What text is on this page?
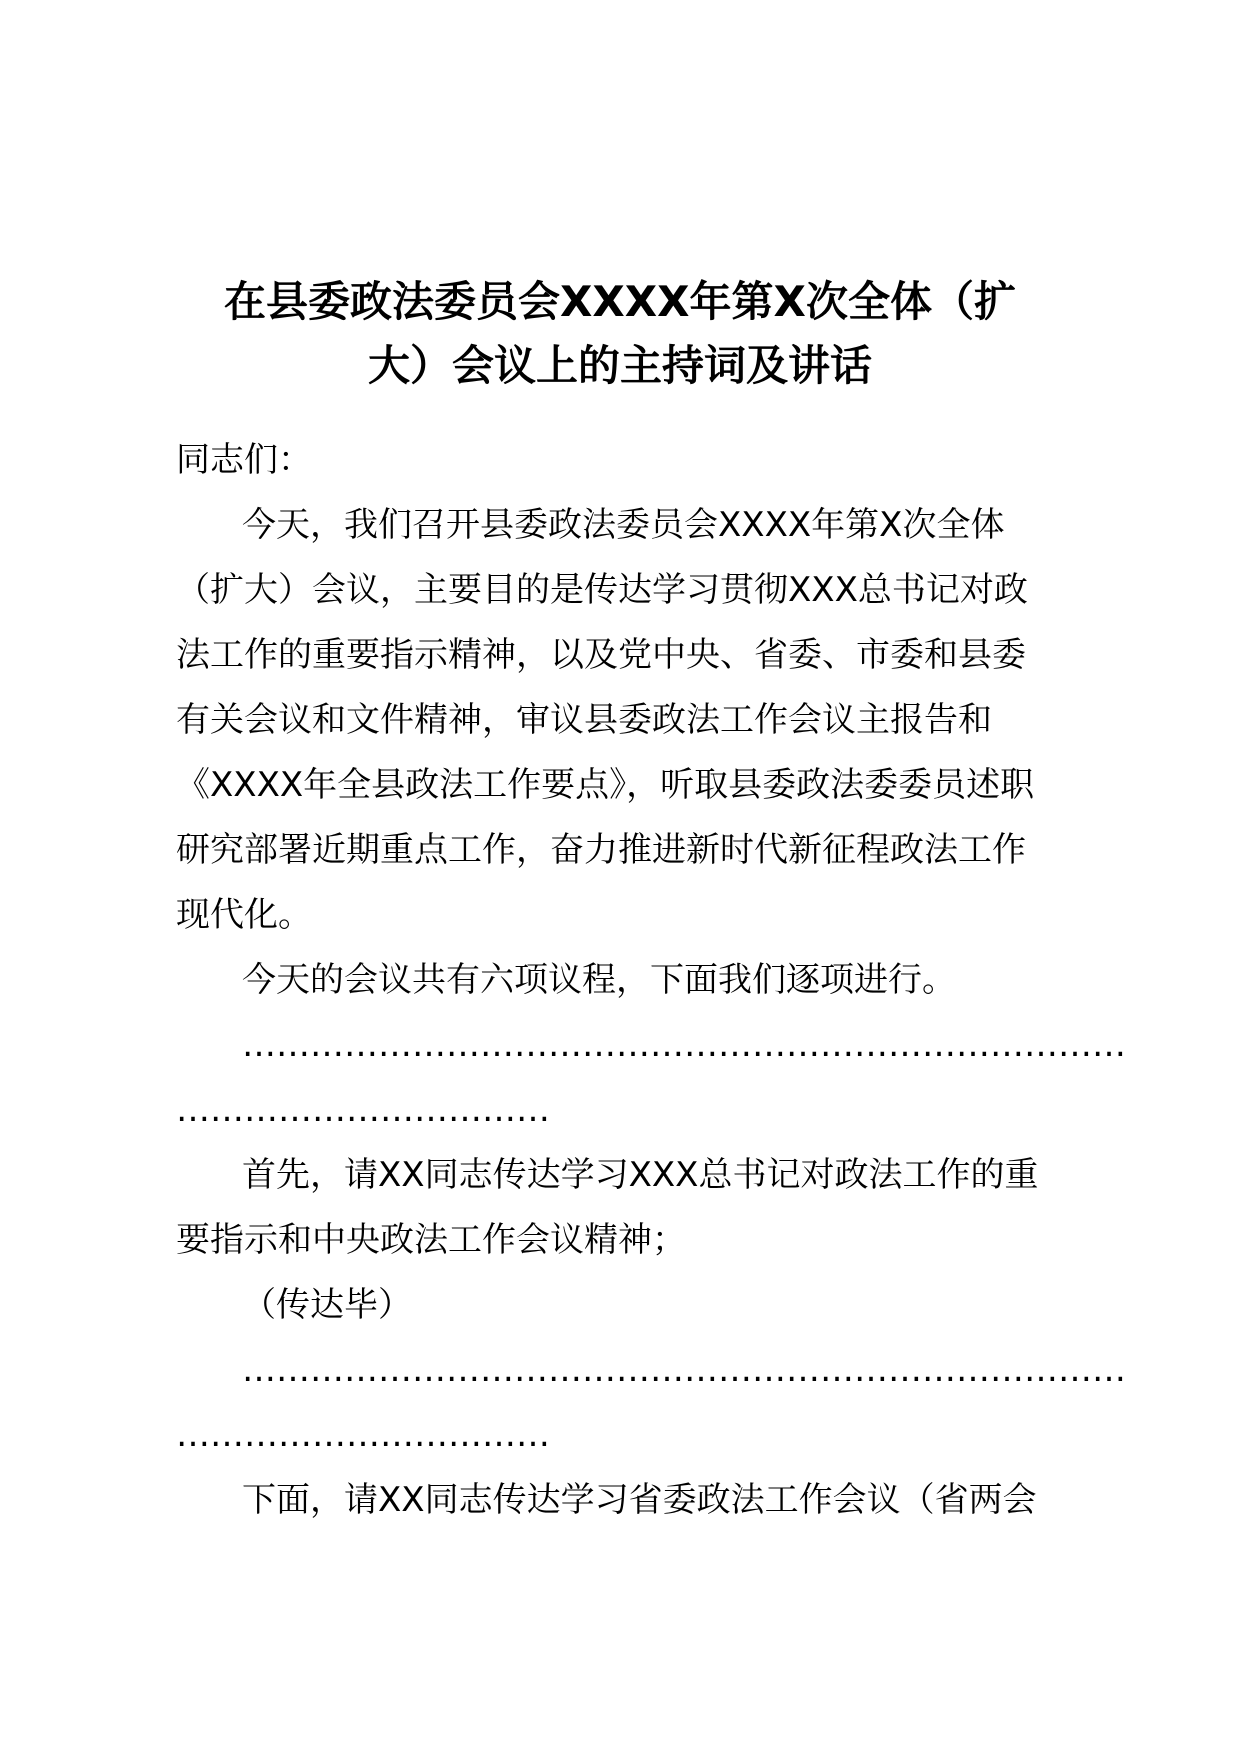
在县委政法委员会XXXX年第X次全体（扩
大）会议上的主持词及讲话

同志们：

今天，我们召开县委政法委员会XXXX年第X次全体

（扩大）会议，主要目的是传达学习贯彻XXX总书记对政

法工作的重要指示精神，以及党中央、省委、市委和县委

有关会议和文件精神，审议县委政法工作会议主报告和

《XXXX年全县政法工作要点》，听取县委政法委委员述职

研究部署近期重点工作，奋力推进新时代新征程政法工作

现代化。

今天的会议共有六项议程，下面我们逐项进行。

……………………………………………………………………

……………………………

首先，请XX同志传达学习XXX总书记对政法工作的重

要指示和中央政法工作会议精神；

（传达毕）

……………………………………………………………………

……………………………

下面，请XX同志传达学习省委政法工作会议（省两会
